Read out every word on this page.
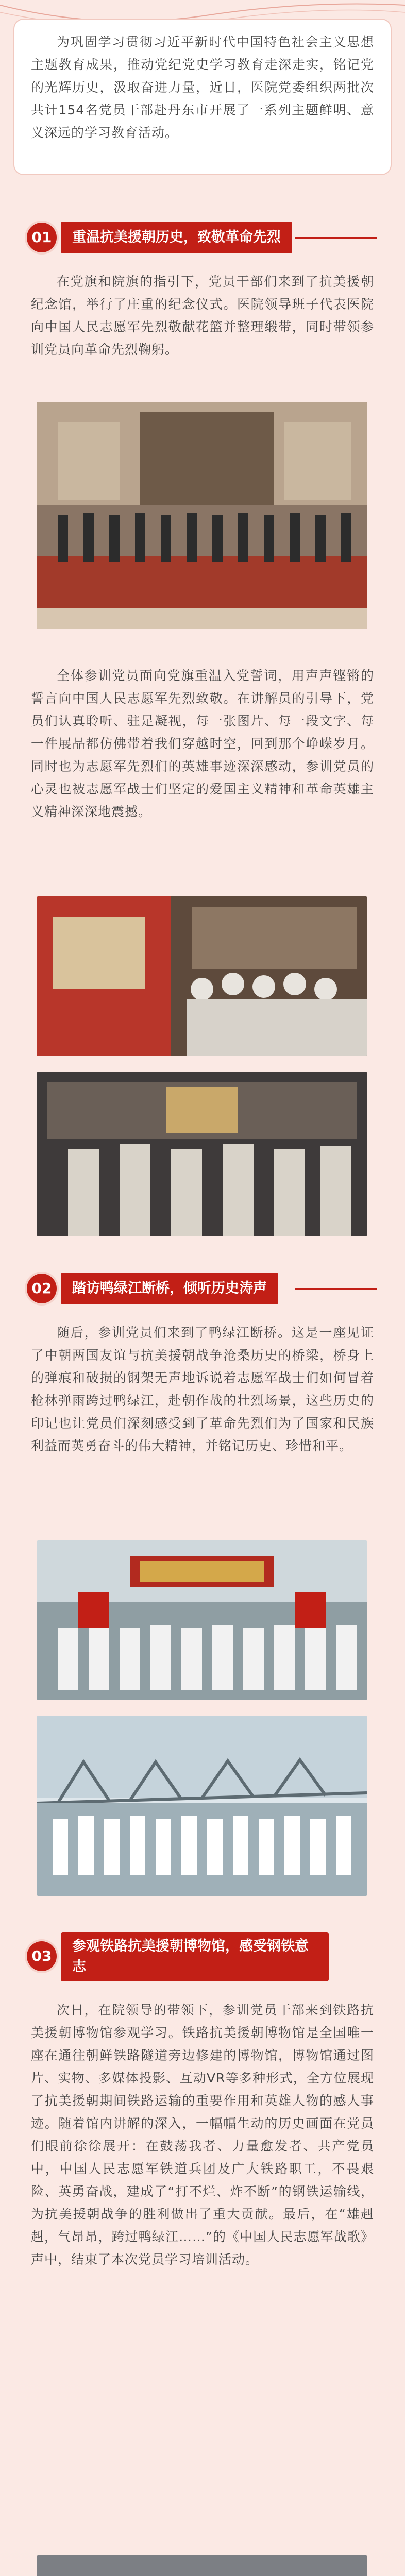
为巩固学习贯彻习近平新时代中国特色社会主义思想主题教育成果，推动党纪党史学习教育走深走实，铭记党的光辉历史，汲取奋进力量，近日，医院党委组织两批次共计154名党员干部赴丹东市开展了一系列主题鲜明、意义深远的学习教育活动。
01	重温抗美援朝历史，致敬革命先烈
在党旗和院旗的指引下，党员干部们来到了抗美援朝纪念馆，举行了庄重的纪念仪式。医院领导班子代表医院向中国人民志愿军先烈敬献花篮并整理缎带，同时带领参训党员向革命先烈鞠躬。
全体参训党员面向党旗重温入党誓词，用声声铿锵的誓言向中国人民志愿军先烈致敬。在讲解员的引导下，党员们认真聆听、驻足凝视，每一张图片、每一段文字、每一件展品都仿佛带着我们穿越时空，回到那个峥嵘岁月。同时也为志愿军先烈们的英雄事迹深深感动，参训党员的心灵也被志愿军战士们坚定的爱国主义精神和革命英雄主义精神深深地震撼。
02	踏访鸭绿江断桥，倾听历史涛声
随后，参训党员们来到了鸭绿江断桥。这是一座见证了中朝两国友谊与抗美援朝战争沧桑历史的桥梁，桥身上的弹痕和破损的钢架无声地诉说着志愿军战士们如何冒着枪林弹雨跨过鸭绿江，赴朝作战的壮烈场景，这些历史的印记也让党员们深刻感受到了革命先烈们为了国家和民族利益而英勇奋斗的伟大精神，并铭记历史、珍惜和平。
03
参观铁路抗美援朝博物馆，感受钢铁意志
次日，在院领导的带领下，参训党员干部来到铁路抗美援朝博物馆参观学习。铁路抗美援朝博物馆是全国唯一座在通往朝鲜铁路隧道旁边修建的博物馆，博物馆通过图片、实物、多媒体投影、互动VR等多种形式，全方位展现了抗美援朝期间铁路运输的重要作用和英雄人物的感人事迹。随着馆内讲解的深入，一幅幅生动的历史画面在党员们眼前徐徐展开：在鼓荡我者、力量愈发者、共产党员中，中国人民志愿军铁道兵团及广大铁路职工，不畏艰险、英勇奋战，建成了“打不烂、炸不断”的钢铁运输线，为抗美援朝战争的胜利做出了重大贡献。最后，在“雄赳赳，气昂昂，跨过鸭绿江……”的《中国人民志愿军战歌》声中，结束了本次党员学习培训活动。
